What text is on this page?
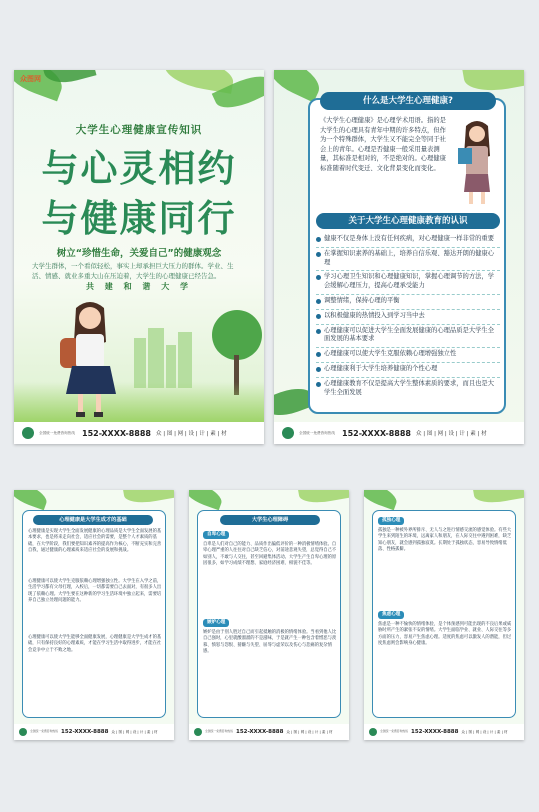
众图网
大学生心理健康宣传知识
与心灵相约
与健康同行
树立“珍惜生命，关爱自己”的健康观念
大学生群体，一个看似轻松，事实上却承担巨大压力的群体。学业、生活、情感、就业多重大山在压迫着，大学生的心理健康已经告急。
共 建 和 谐 大 学
全国统一免费咨询热线 152-XXXX-8888 众 | 图 | 网 | 设 | 计 | 素 | 材
什么是大学生心理健康?
《大学生心理健康》是心理学术用语。指的是大学生的心理具有青年中期的许多特点，但作为一个特殊群体，大学生又不能完全等同于社会上的青年。心理是否健康一般采用量表测量，其标准是相对的，不是绝对的。心理健康标准随着时代变迁、文化背景变化而变化。
关于大学生心理健康教育的认识
健康不仅是身体上没有任何疾病，对心理健康一样非常的重要
在掌握知识素养的基础上，培养自信乐观、豁达开朗的健康心理
学习心理卫生知识和心理健康知识，掌握心理调节的方法，学会缓解心理压力，提高心理承受能力
调整情绪，保持心理的平衡
以积极健康的热情投入到学习当中去
心理健康可以促进大学生全面发展健康的心理品质是大学生全面发展的基本要求
心理健康可以使大学生克服依赖心理增强独立性
心理健康利于大学生培养健康的个性心理
心理健康教育不仅是提高大学生整体素质的要求，而且也是大学生全面发展
全国统一免费咨询热线 152-XXXX-8888 众 | 图 | 网 | 设 | 计 | 素 | 材
心理健康是大学生成才的基础
心理健康是实现大学生全面发展健康的心理品质是大学生全面发展的基本要求，也是将来走向社会，适应社会的需要，是整个人才素质的基础，在大学阶段，我们要把知识素养的提高作为核心，不断充实和完善自我，通过健康的心理素质来适应社会的发展和挑战。
心理健康可以使大学生克服依赖心理增强独立性。大学生在入学之前，生活学习都有父母打理，入校后，一切都需要自己去面对，有很多人出现了依赖心理。大学生要在这种新的学习生活环境中独立起来，需要培养自己独立处理问题的能力。
心理健康可以使大学生能够全面健康发展，心理健康是大学生成才的基础，只有保持良好的心理素质，才能在学习生活中取得进步，才能在社会竞争中立于不败之地。
全国统一免费咨询热线 152-XXXX-8888 众 | 图 | 网 | 设 | 计 | 素 | 材
大学生心理障碍
自卑心理
自卑是人们对自己的能力、品质作出偏低评价的一种消极情绪体验。自卑心理严重的人往往对自己缺乏信心，对前途悲观失望，总觉得自己不如别人，不敢与人交往，甚至回避集体活动。大学生产生自卑心理的原因很多，如学习成绩不理想、家庭经济困难、相貌不佳等。
嫉妒心理
嫉妒是由于别人胜过自己而引起抵触的消极的情绪体验。当看到他人比自己强时，心里就酸溜溜的不是滋味，于是就产生一种包含着憎恶与羡慕、愤怒与怨恨、猜嫌与失望、屈辱与虚荣以及伤心与悲痛的复杂情感。
全国统一免费咨询热线 152-XXXX-8888 众 | 图 | 网 | 设 | 计 | 素 | 材
孤独心理
孤独是一种被外界所排斥、无人与之进行情感交流的感觉体验。有些大学生来到陌生的环境，远离家人和朋友，在人际交往中遇到困难，缺乏知心朋友，就会感到孤独寂寞。长期处于孤独状态，容易导致情绪低落、性格孤僻。
焦虑心理
焦虑是一种不愉快的情绪体验，是个体预感到可能出现的不良后果或威胁时所产生的紧张不安的情绪。大学生面临学业、就业、人际交往等多方面的压力，容易产生焦虑心理。适度的焦虑可以激发人的潜能，但过度焦虑则会影响身心健康。
全国统一免费咨询热线 152-XXXX-8888 众 | 图 | 网 | 设 | 计 | 素 | 材
